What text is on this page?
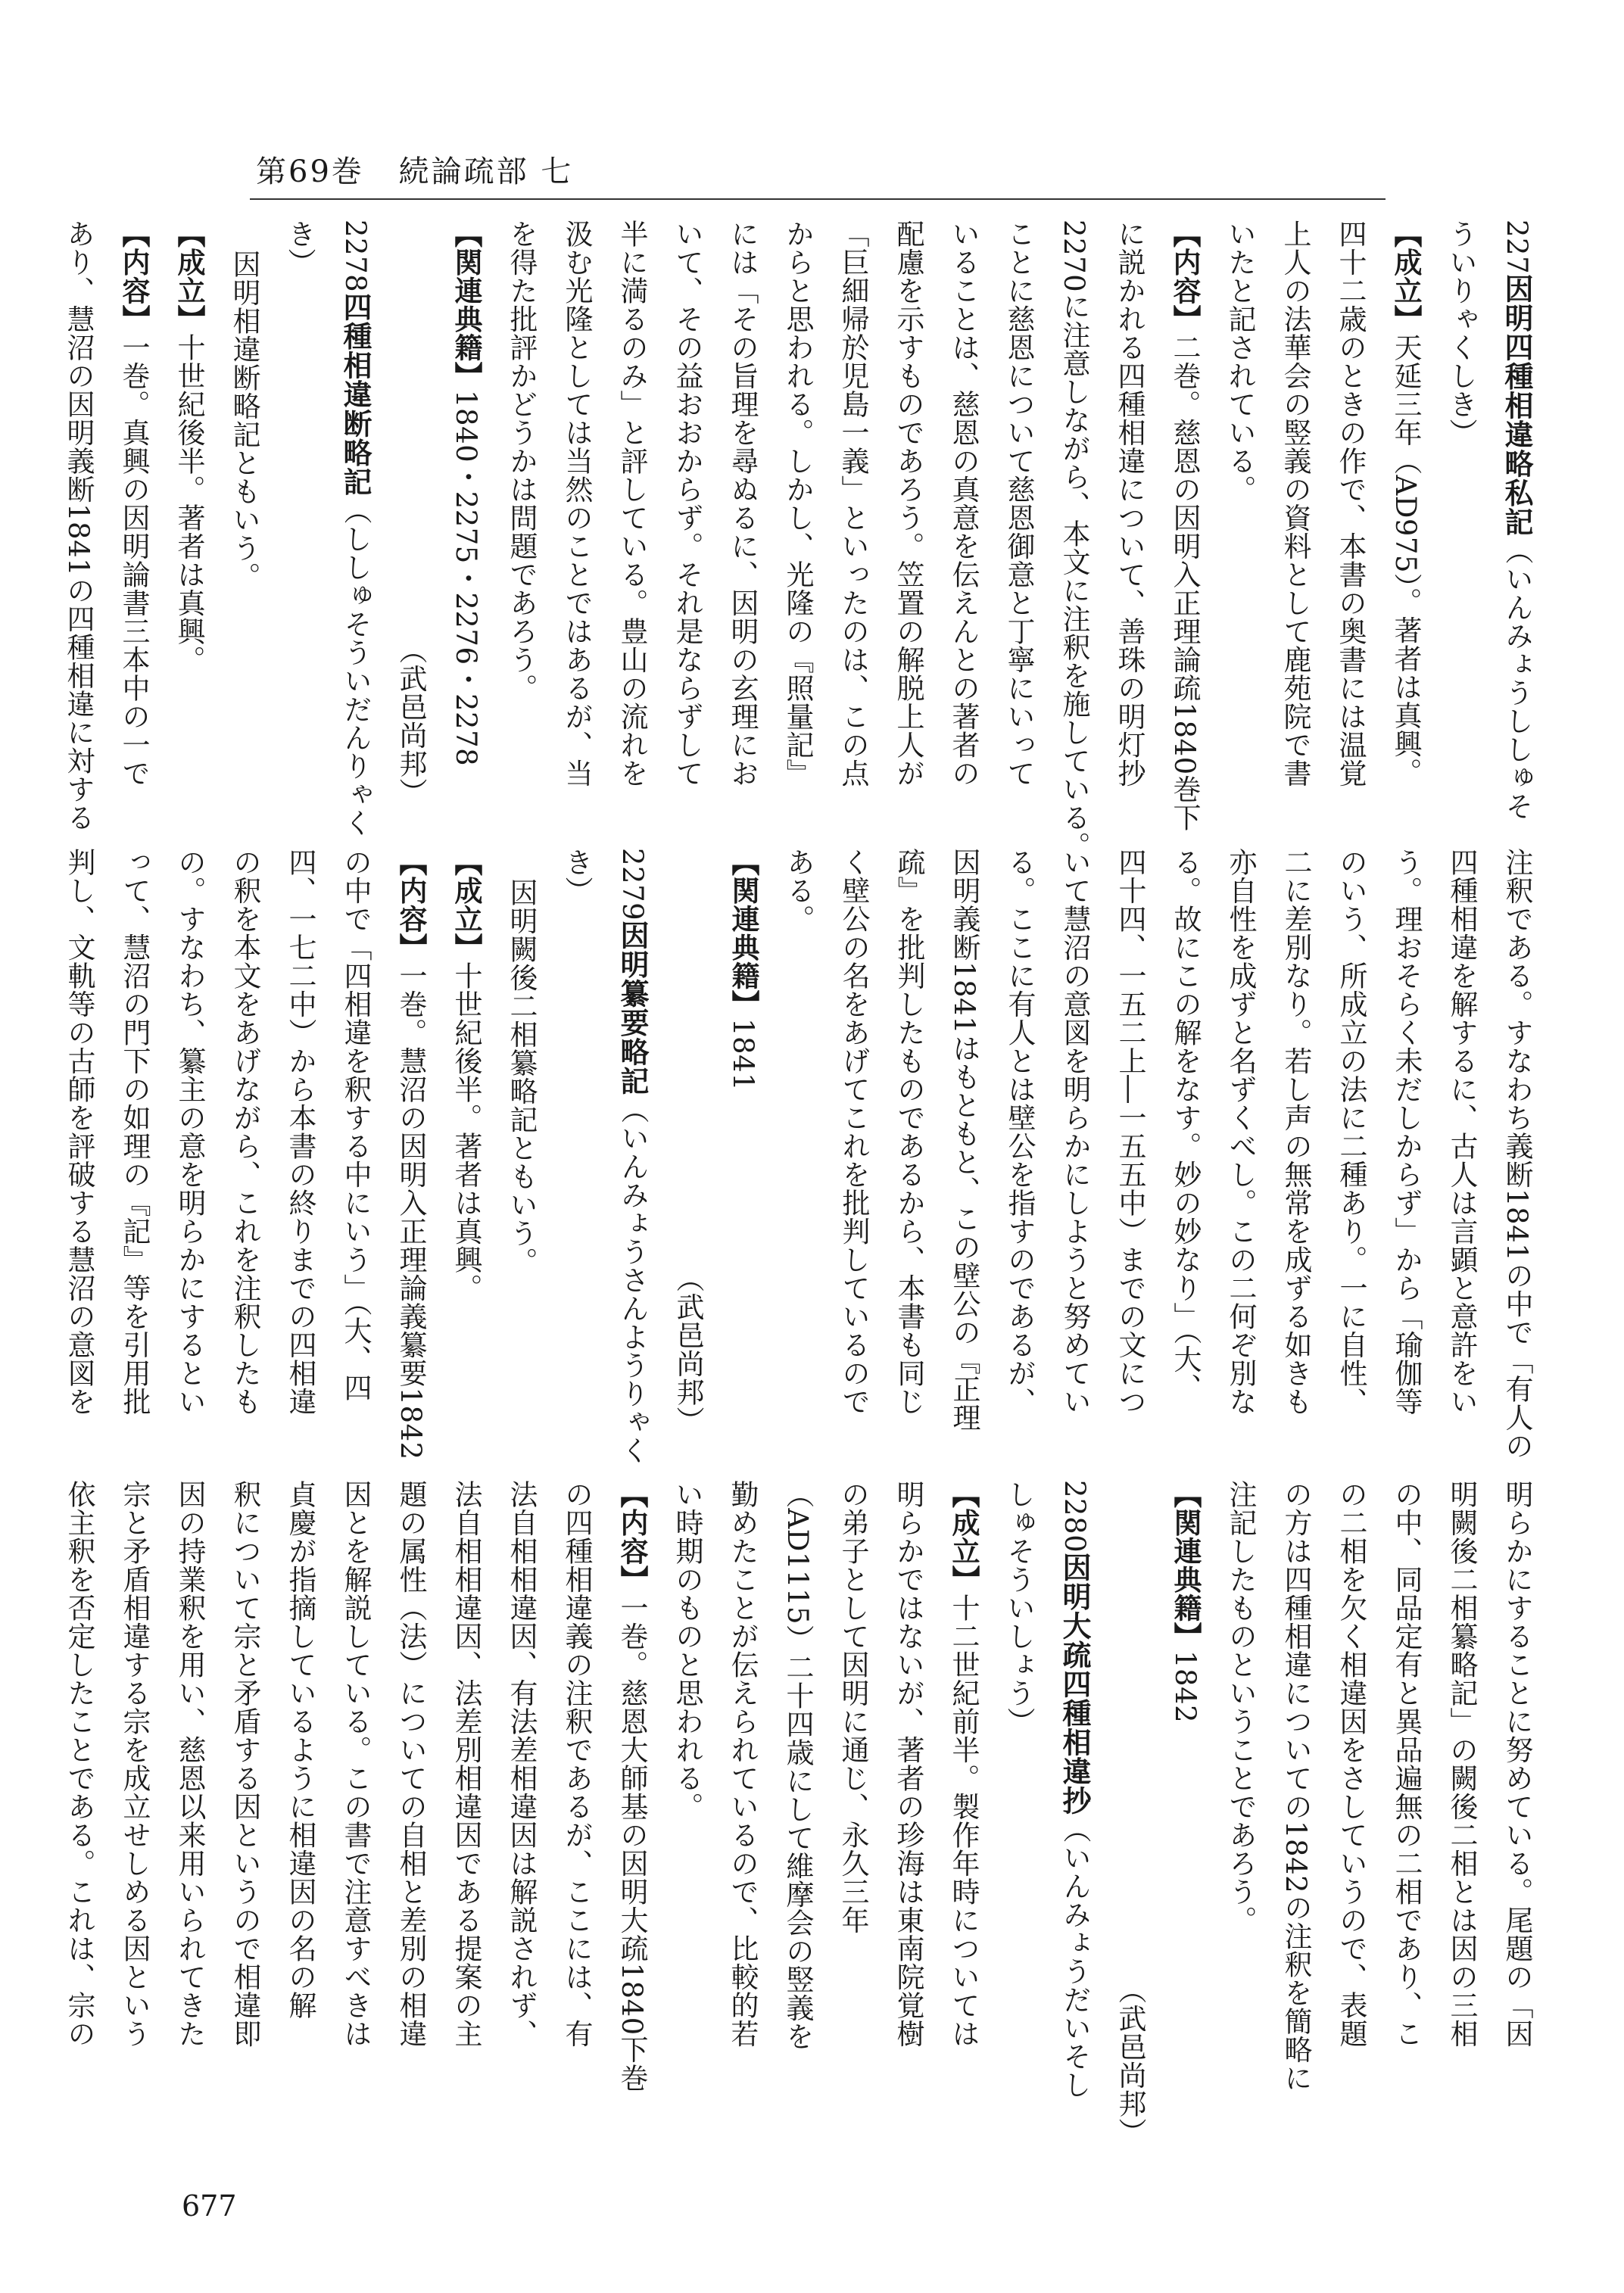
第69巻 続論疏部 七
227因明四種相違略私記（いんみょうししゅそ
ういりゃくしき）
【成立】天延三年（AD975）。著者は真興。
四十二歳のときの作で、本書の奥書には温覚
上人の法華会の竪義の資料として鹿苑院で書
いたと記されている。
【内容】二巻。慈恩の因明入正理論疏1840巻下
に説かれる四種相違について、善珠の明灯抄
2270に注意しながら、本文に注釈を施している。
ことに慈恩について慈恩御意と丁寧にいって
いることは、慈恩の真意を伝えんとの著者の
配慮を示すものであろう。笠置の解脱上人が
「巨細帰於児島一義」といったのは、この点
からと思われる。しかし、光隆の『照量記』
には「その旨理を尋ぬるに、因明の玄理にお
いて、その益おおからず。それ是ならずして
半に満るのみ」と評している。豊山の流れを
汲む光隆としては当然のことではあるが、当
を得た批評かどうかは問題であろう。
【関連典籍】1840・2275・2276・2278
（武邑尚邦）
2278四種相違断略記（ししゅそういだんりゃく
き）
因明相違断略記ともいう。
【成立】十世紀後半。著者は真興。
【内容】一巻。真興の因明論書三本中の一で
あり、慧沼の因明義断1841の四種相違に対する
注釈である。すなわち義断1841の中で「有人の
四種相違を解するに、古人は言顕と意許をい
う。理おそらく未だしからず」から「瑜伽等
のいう、所成立の法に二種あり。一に自性、
二に差別なり。若し声の無常を成ずる如きも
亦自性を成ずと名ずくべし。この二何ぞ別な
る。故にこの解をなす。妙の妙なり」（大、
四十四、一五二上―一五五中）までの文につ
いて慧沼の意図を明らかにしようと努めてい
る。ここに有人とは壁公を指すのであるが、
因明義断1841はもともと、この壁公の『正理
疏』を批判したものであるから、本書も同じ
く壁公の名をあげてこれを批判しているので
ある。
【関連典籍】1841
（武邑尚邦）
2279因明纂要略記（いんみょうさんようりゃく
き）
因明闕後二相纂略記ともいう。
【成立】十世紀後半。著者は真興。
【内容】一巻。慧沼の因明入正理論義纂要1842
の中で「四相違を釈する中にいう」（大、四
四、一七二中）から本書の終りまでの四相違
の釈を本文をあげながら、これを注釈したも
の。すなわち、纂主の意を明らかにするとい
って、慧沼の門下の如理の『記』等を引用批
判し、文軌等の古師を評破する慧沼の意図を
明らかにすることに努めている。尾題の「因
明闕後二相纂略記」の闕後二相とは因の三相
の中、同品定有と異品遍無の二相であり、こ
の二相を欠く相違因をさしていうので、表題
の方は四種相違についての1842の注釈を簡略に
注記したものということであろう。
【関連典籍】1842
（武邑尚邦）
2280因明大疏四種相違抄（いんみょうだいそし
しゅそういしょう）
【成立】十二世紀前半。製作年時については
明らかではないが、著者の珍海は東南院覚樹
の弟子として因明に通じ、永久三年
（AD1115）二十四歳にして維摩会の竪義を
勤めたことが伝えられているので、比較的若
い時期のものと思われる。
【内容】一巻。慈恩大師基の因明大疏1840下巻
の四種相違義の注釈であるが、ここには、有
法自相相違因、有法差相違因は解説されず、
法自相相違因、法差別相違因である提案の主
題の属性（法）についての自相と差別の相違
因とを解説している。この書で注意すべきは
貞慶が指摘しているように相違因の名の解
釈について宗と矛盾する因というので相違即
因の持業釈を用い、慈恩以来用いられてきた
宗と矛盾相違する宗を成立せしめる因という
依主釈を否定したことである。これは、宗の
677
